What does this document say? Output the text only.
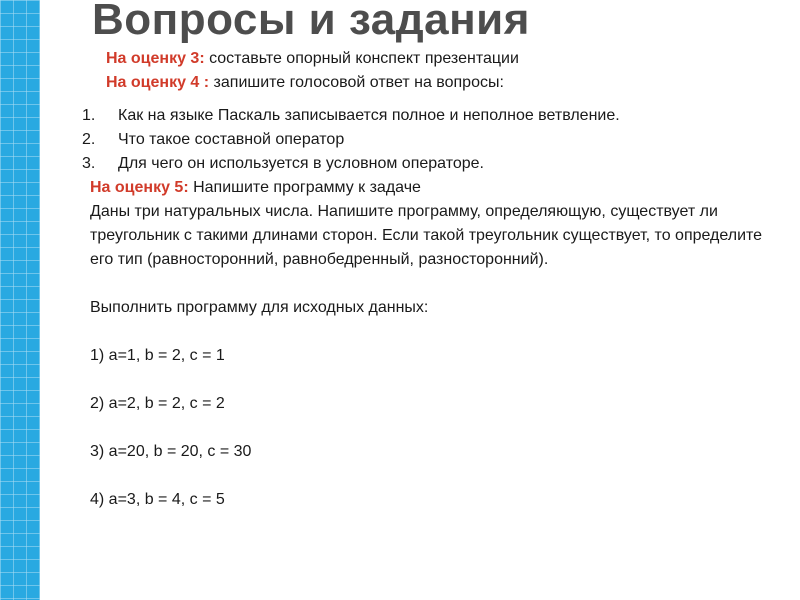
Вопросы и задания
На оценку 3: составьте опорный конспект презентации
На оценку 4 : запишите голосовой ответ на вопросы:
1.	Как на языке Паскаль записывается полное и неполное ветвление.
2.	Что такое составной оператор
3.	Для чего он используется в условном операторе.

На оценку 5: Напишите программу к задаче

Даны три натуральных числа. Напишите программу, определяющую, существует ли треугольник с такими длинами сторон. Если такой треугольник существует, то определите его тип (равносторонний, равнобедренный, разносторонний).

Выполнить программу для исходных данных:

1) a=1, b = 2, c = 1

2) a=2, b = 2, c = 2

3) a=20, b = 20, c = 30

4) a=3, b = 4, c = 5
